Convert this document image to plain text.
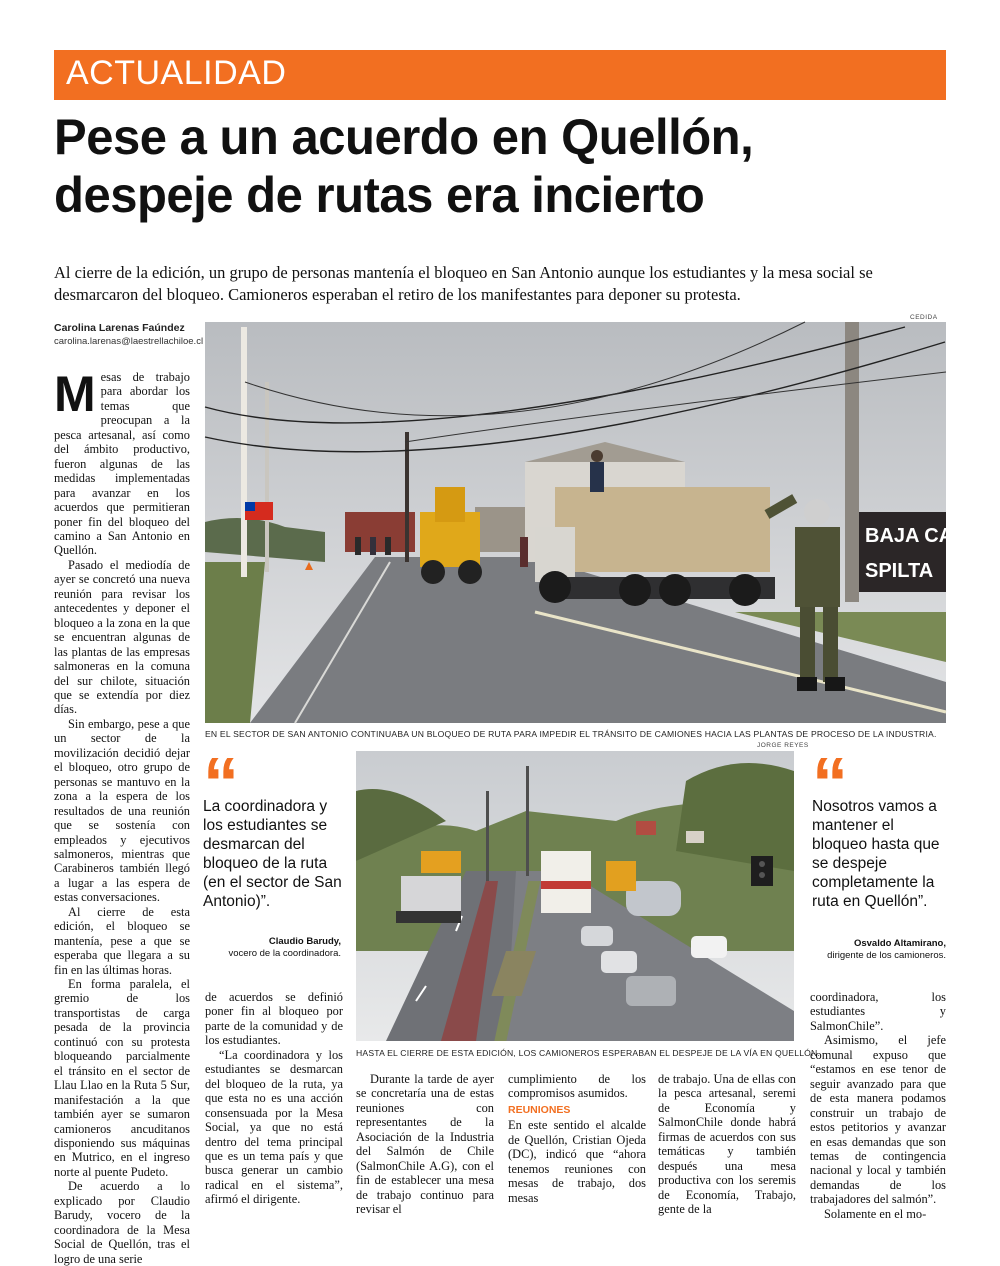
ACTUALIDAD
Pese a un acuerdo en Quellón,
despeje de rutas era incierto
Al cierre de la edición, un grupo de personas mantenía el bloqueo en San Antonio aunque los estudiantes y la mesa social se desmarcaron del bloqueo. Camioneros esperaban el retiro de los manifestantes para deponer su protesta.
Carolina Larenas Faúndez
carolina.larenas@laestrellachiloe.cl
CEDIDA
BAJA CAM
SPILTA
EN EL SECTOR DE SAN ANTONIO CONTINUABA UN BLOQUEO DE RUTA PARA IMPEDIR EL TRÁNSITO DE CAMIONES HACIA LAS PLANTAS DE PROCESO DE LA INDUSTRIA.
JORGE REYES
HASTA EL CIERRE DE ESTA EDICIÓN, LOS CAMIONEROS ESPERABAN EL DESPEJE DE LA VÍA EN QUELLÓN.
“
La coordinadora y los estudiantes se desmarcan del bloqueo de la ruta (en el sector de San Antonio)”.
Claudio Barudy,
vocero de la coordinadora.
“
Nosotros vamos a mantener el bloqueo hasta que se despeje completamente la ruta en Quellón”.
Osvaldo Altamirano,
dirigente de los camioneros.

Mesas de trabajo para abordar los temas que preocupan a la pesca artesanal, así como del ámbito productivo, fueron algunas de las medidas implementadas para avanzar en los acuerdos que permitieran poner fin del bloqueo del camino a San Antonio en Quellón.

Pasado el mediodía de ayer se concretó una nueva reunión para revisar los antecedentes y deponer el bloqueo a la zona en la que se encuentran algunas de las plantas de las empresas salmoneras en la comuna del sur chilote, situación que se extendía por diez días.

Sin embargo, pese a que un sector de la movilización decidió dejar el bloqueo, otro grupo de personas se mantuvo en la zona a la espera de los resultados de una reunión que se sostenía con empleados y ejecutivos salmoneros, mientras que Carabineros también llegó a lugar a las espera de estas conversaciones.

Al cierre de esta edición, el bloqueo se mantenía, pese a que se esperaba que llegara a su fin en las últimas horas.

En forma paralela, el gremio de los transportistas de carga pesada de la provincia continuó con su protesta bloqueando parcialmente el tránsito en el sector de Llau Llao en la Ruta 5 Sur, manifestación a la que también ayer se sumaron camioneros ancuditanos disponiendo sus máquinas en Mutrico, en el ingreso norte al puente Pudeto.

De acuerdo a lo explicado por Claudio Barudy, vocero de la coordinadora de la Mesa Social de Quellón, tras el logro de una serie

de acuerdos se definió poner fin al bloqueo por parte de la comunidad y de los estudiantes.

“La coordinadora y los estudiantes se desmarcan del bloqueo de la ruta, ya que esta no es una acción consensuada por la Mesa Social, ya que no está dentro del tema principal que es un tema país y que busca generar un cambio radical en el sistema”, afirmó el dirigente.

Durante la tarde de ayer se concretaría una de estas reuniones con representantes de la Asociación de la Industria del Salmón de Chile (SalmonChile A.G), con el fin de establecer una mesa de trabajo continuo para revisar el

cumplimiento de los compromisos asumidos.

REUNIONES

En este sentido el alcalde de Quellón, Cristian Ojeda (DC), indicó que “ahora tenemos reuniones con mesas de trabajo, dos mesas

de trabajo. Una de ellas con la pesca artesanal, seremi de Economía y SalmonChile donde habrá firmas de acuerdos con sus temáticas y también después una mesa productiva con los seremis de Economía, Trabajo, gente de la

coordinadora, los estudiantes y SalmonChile”.

Asimismo, el jefe comunal expuso que “estamos en ese tenor de seguir avanzado para que de esta manera podamos construir un trabajo de estos petitorios y avanzar en esas demandas que son temas de contingencia nacional y local y también demandas de los trabajadores del salmón”.

Solamente en el mo-
